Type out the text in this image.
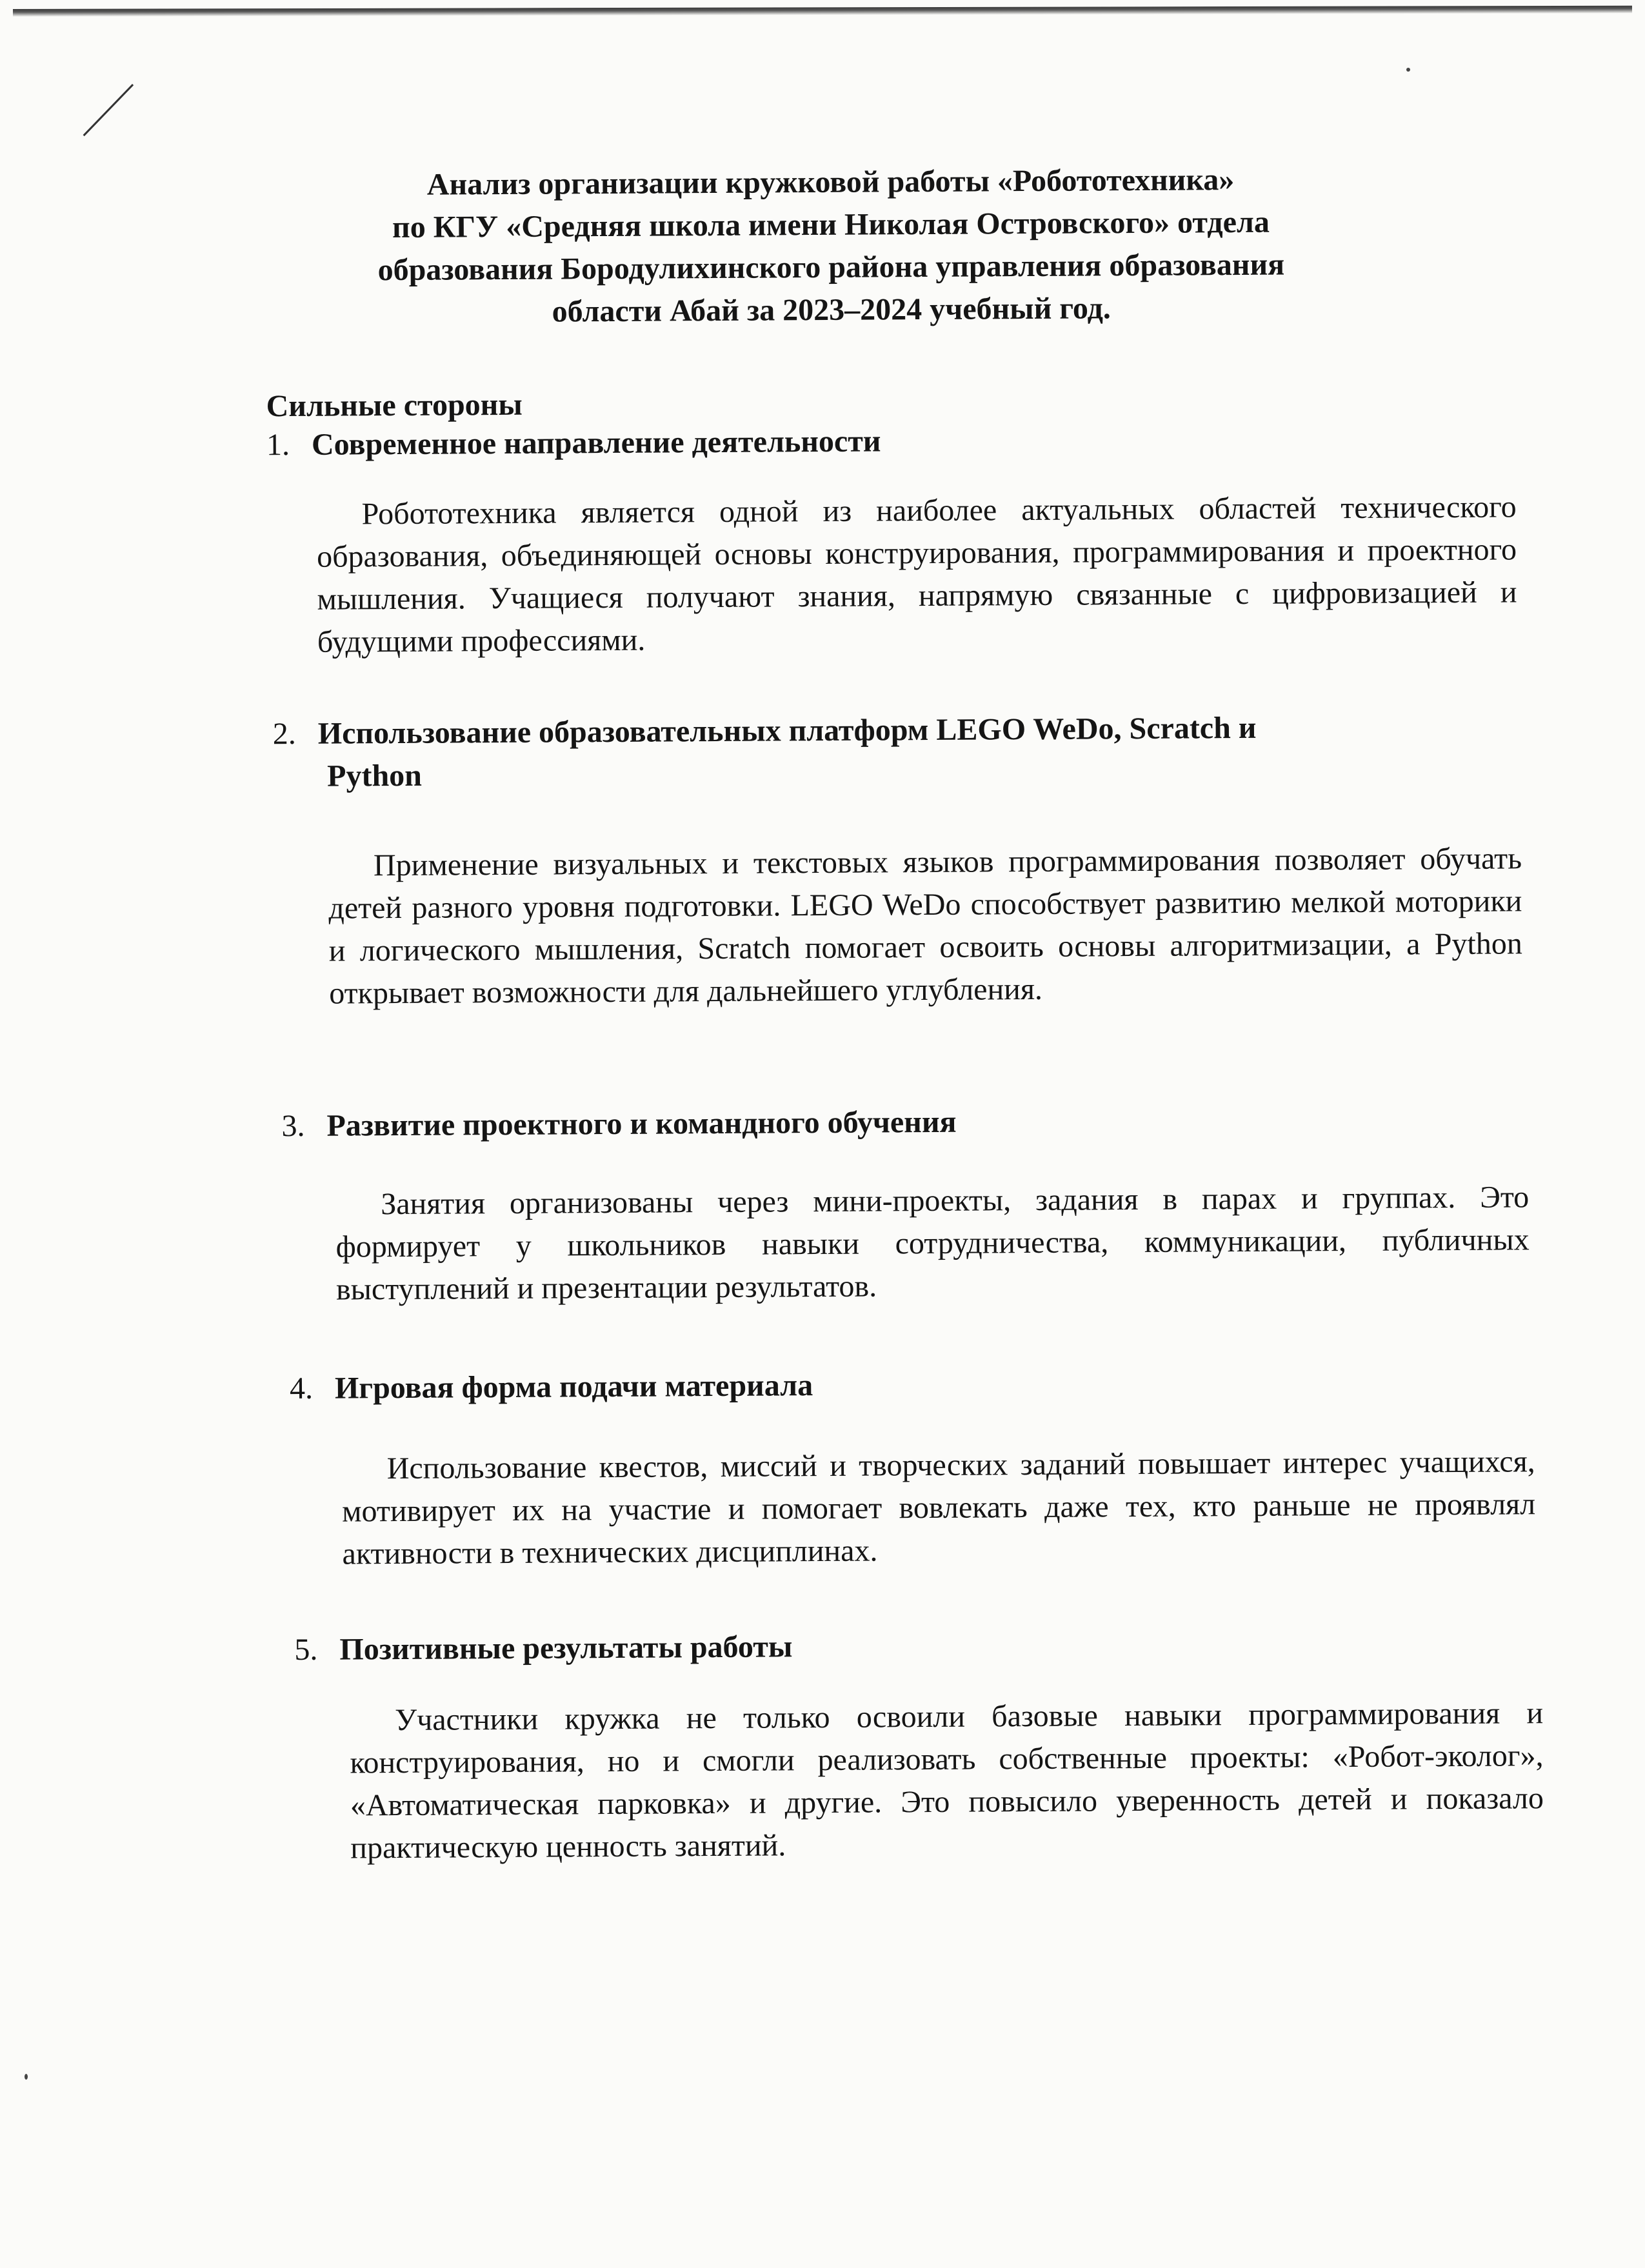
Анализ организации кружковой работы «Робототехника»
по КГУ «Средняя школа имени Николая Островского» отдела
образования Бородулихинского района управления образования
области Абай за 2023–2024 учебный год.
Сильные стороны
1. Современное направление деятельности
Робототехника является одной из наиболее актуальных областей технического образования, объединяющей основы конструирования, программирования и проектного мышления. Учащиеся получают знания, напрямую связанные с цифровизацией и будущими профессиями.
2. Использование образовательных платформ LEGO WeDo, Scratch и
Python
Применение визуальных и текстовых языков программирования позволяет обучать детей разного уровня подготовки. LEGO WeDo способствует развитию мелкой моторики и логического мышления, Scratch помогает освоить основы алгоритмизации, а Python открывает возможности для дальнейшего углубления.
3. Развитие проектного и командного обучения
Занятия организованы через мини-проекты, задания в парах и группах. Это формирует у школьников навыки сотрудничества, коммуникации, публичных выступлений и презентации результатов.
4. Игровая форма подачи материала
Использование квестов, миссий и творческих заданий повышает интерес учащихся, мотивирует их на участие и помогает вовлекать даже тех, кто раньше не проявлял активности в технических дисциплинах.
5. Позитивные результаты работы
Участники кружка не только освоили базовые навыки программирования и конструирования, но и смогли реализовать собственные проекты: «Робот-эколог», «Автоматическая парковка» и другие. Это повысило уверенность детей и показало практическую ценность занятий.
